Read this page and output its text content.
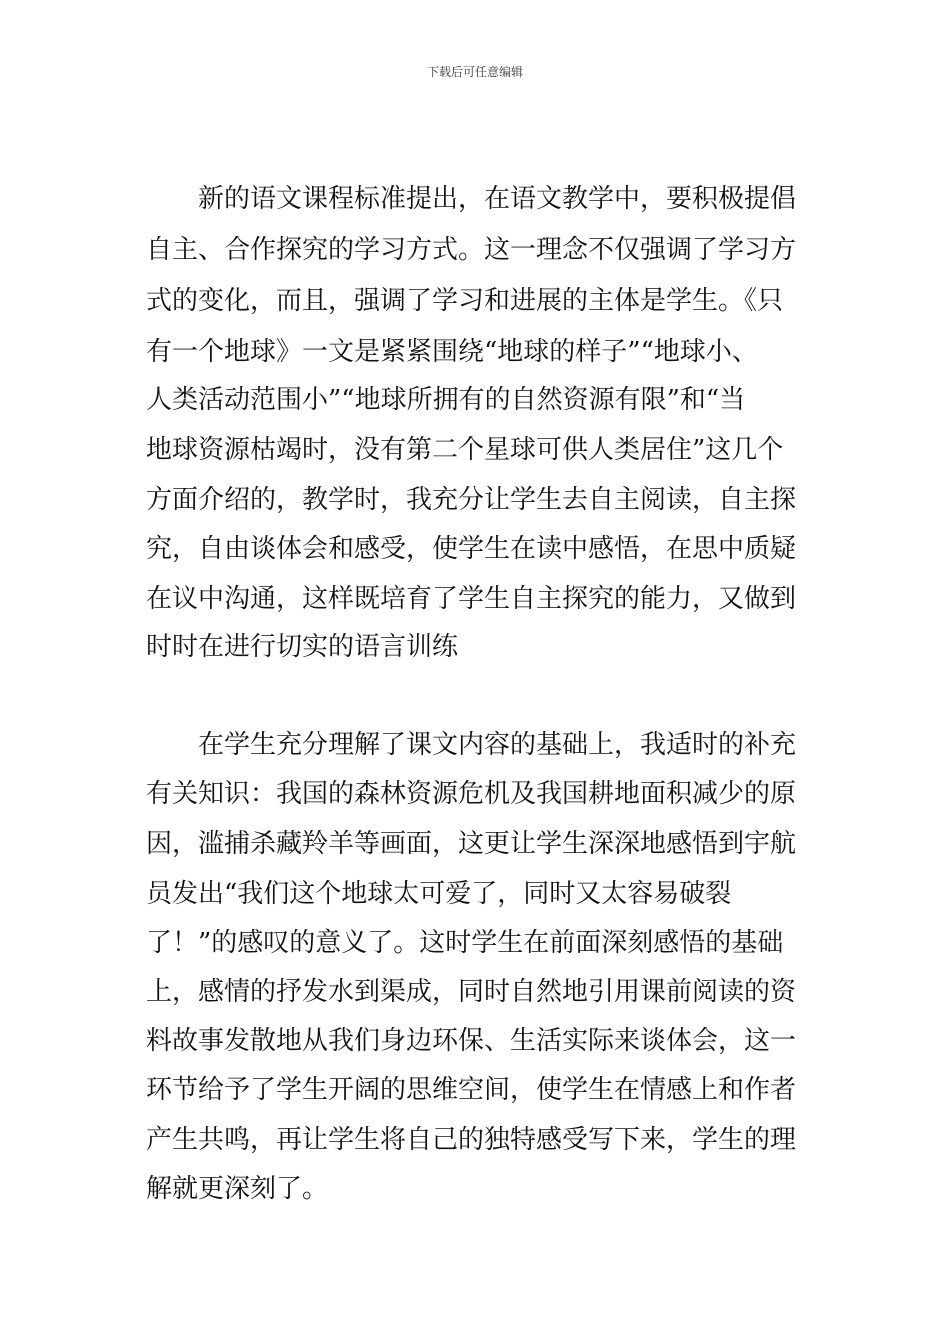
下载后可任意编辑
　　新的语文课程标准提出，在语文教学中，要积极提倡
自主、合作探究的学习方式。这一理念不仅强调了学习方
式的变化，而且，强调了学习和进展的主体是学生。《只
有一个地球》一文是紧紧围绕“地球的样子”“地球小、
人类活动范围小”“地球所拥有的自然资源有限”和“当
地球资源枯竭时，没有第二个星球可供人类居住”这几个
方面介绍的，教学时，我充分让学生去自主阅读，自主探
究，自由谈体会和感受，使学生在读中感悟，在思中质疑
在议中沟通，这样既培育了学生自主探究的能力，又做到
时时在进行切实的语言训练
　　在学生充分理解了课文内容的基础上，我适时的补充
有关知识：我国的森林资源危机及我国耕地面积减少的原
因，滥捕杀藏羚羊等画面，这更让学生深深地感悟到宇航
员发出“我们这个地球太可爱了，同时又太容易破裂
了！”的感叹的意义了。这时学生在前面深刻感悟的基础
上，感情的抒发水到渠成，同时自然地引用课前阅读的资
料故事发散地从我们身边环保、生活实际来谈体会，这一
环节给予了学生开阔的思维空间，使学生在情感上和作者
产生共鸣，再让学生将自己的独特感受写下来，学生的理
解就更深刻了。
